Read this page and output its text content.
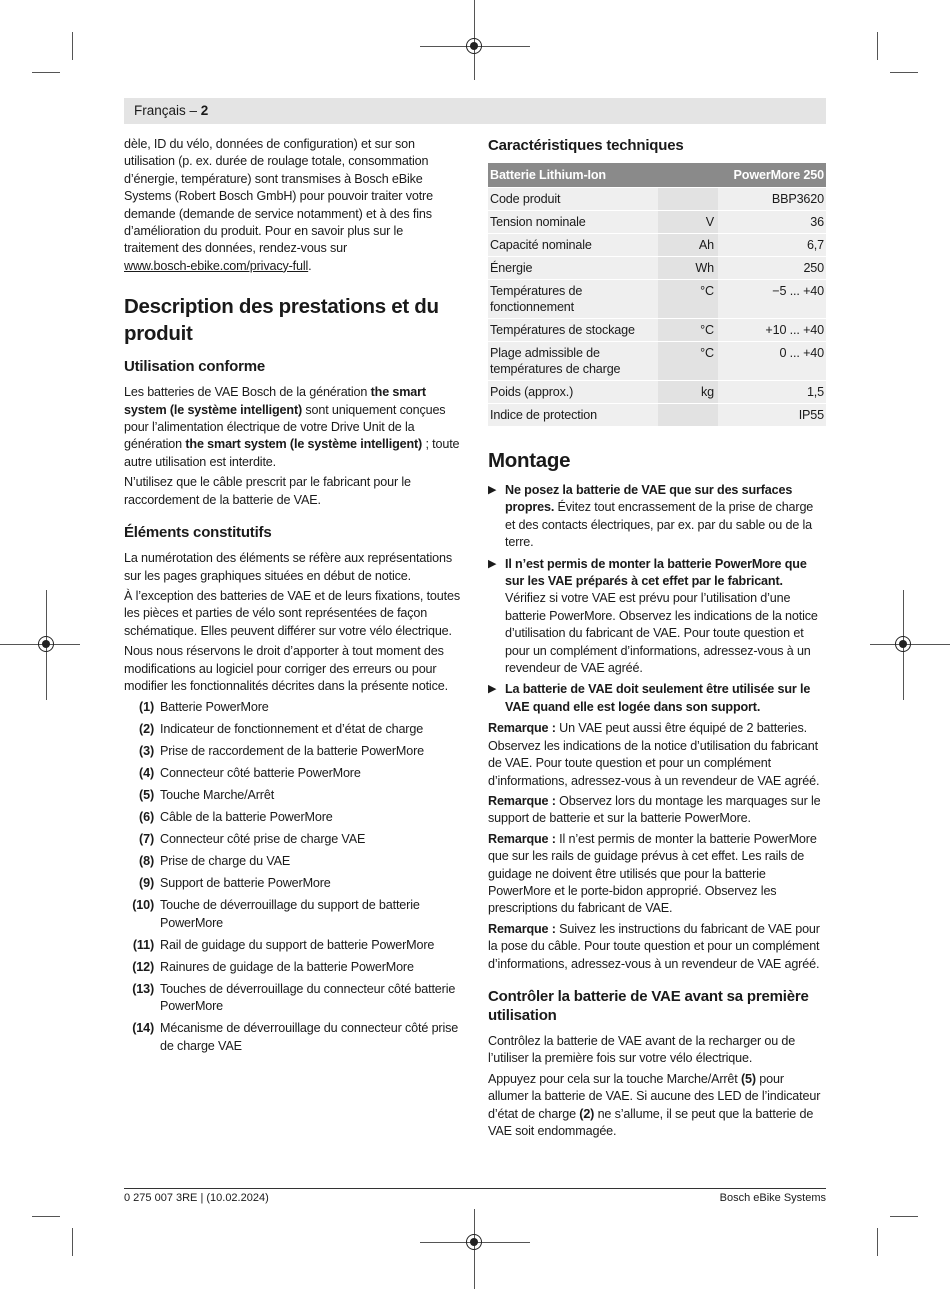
Français – 2

dèle, ID du vélo, données de configuration) et sur son utilisation (p. ex. durée de roulage totale, consommation d’énergie, température) sont transmises à Bosch eBike Systems (Robert Bosch GmbH) pour pouvoir traiter votre demande (demande de service notamment) et à des fins d’amélioration du produit. Pour en savoir plus sur le traitement des données, rendez-vous sur
www.bosch-ebike.com/privacy-full.

Description des prestations et du produit
Utilisation conforme

Les batteries de VAE Bosch de la génération the smart system (le système intelligent) sont uniquement conçues pour l’alimentation électrique de votre Drive Unit de la génération the smart system (le système intelligent) ; toute autre utilisation est interdite.

N’utilisez que le câble prescrit par le fabricant pour le raccordement de la batterie de VAE.

Éléments constitutifs

La numérotation des éléments se réfère aux représentations sur les pages graphiques situées en début de notice.

À l’exception des batteries de VAE et de leurs fixations, toutes les pièces et parties de vélo sont représentées de façon schématique. Elles peuvent différer sur votre vélo électrique.

Nous nous réservons le droit d’apporter à tout moment des modifications au logiciel pour corriger des erreurs ou pour modifier les fonctionnalités décrites dans la présente notice.

(1) Batterie PowerMore
(2) Indicateur de fonctionnement et d’état de charge
(3) Prise de raccordement de la batterie PowerMore
(4) Connecteur côté batterie PowerMore
(5) Touche Marche/Arrêt
(6) Câble de la batterie PowerMore
(7) Connecteur côté prise de charge VAE
(8) Prise de charge du VAE
(9) Support de batterie PowerMore
(10) Touche de déverrouillage du support de batterie PowerMore
(11) Rail de guidage du support de batterie PowerMore
(12) Rainures de guidage de la batterie PowerMore
(13) Touches de déverrouillage du connecteur côté batterie PowerMore
(14) Mécanisme de déverrouillage du connecteur côté prise de charge VAE
Caractéristiques techniques
Batterie Lithium-Ion		PowerMore 250
Code produit		BBP3620
Tension nominale	V	36
Capacité nominale	Ah	6,7
Énergie	Wh	250
Températures de fonctionnement	°C	−5 ... +40
Températures de stockage	°C	+10 ... +40
Plage admissible de températures de charge	°C	0 ... +40
Poids (approx.)	kg	1,5
Indice de protection		IP55
Montage
▶ Ne posez la batterie de VAE que sur des surfaces propres. Évitez tout encrassement de la prise de charge et des contacts électriques, par ex. par du sable ou de la terre.
▶ Il n’est permis de monter la batterie PowerMore que sur les VAE préparés à cet effet par le fabricant. Vérifiez si votre VAE est prévu pour l’utilisation d’une batterie PowerMore. Observez les indications de la notice d’utilisation du fabricant de VAE. Pour toute question et pour un complément d’informations, adressez-vous à un revendeur de VAE agréé.
▶ La batterie de VAE doit seulement être utilisée sur le VAE quand elle est logée dans son support.

Remarque : Un VAE peut aussi être équipé de 2 batteries. Observez les indications de la notice d’utilisation du fabricant de VAE. Pour toute question et pour un complément d’informations, adressez-vous à un revendeur de VAE agréé.

Remarque : Observez lors du montage les marquages sur le support de batterie et sur la batterie PowerMore.

Remarque : Il n’est permis de monter la batterie PowerMore que sur les rails de guidage prévus à cet effet. Les rails de guidage ne doivent être utilisés que pour la batterie PowerMore et le porte-bidon approprié. Observez les prescriptions du fabricant de VAE.

Remarque : Suivez les instructions du fabricant de VAE pour la pose du câble. Pour toute question et pour un complément d’informations, adressez-vous à un revendeur de VAE agréé.

Contrôler la batterie de VAE avant sa première utilisation

Contrôlez la batterie de VAE avant de la recharger ou de l’utiliser la première fois sur votre vélo électrique.

Appuyez pour cela sur la touche Marche/Arrêt (5) pour allumer la batterie de VAE. Si aucune des LED de l’indicateur d’état de charge (2) ne s’allume, il se peut que la batterie de VAE soit endommagée.

0 275 007 3RE | (10.02.2024)	Bosch eBike Systems
